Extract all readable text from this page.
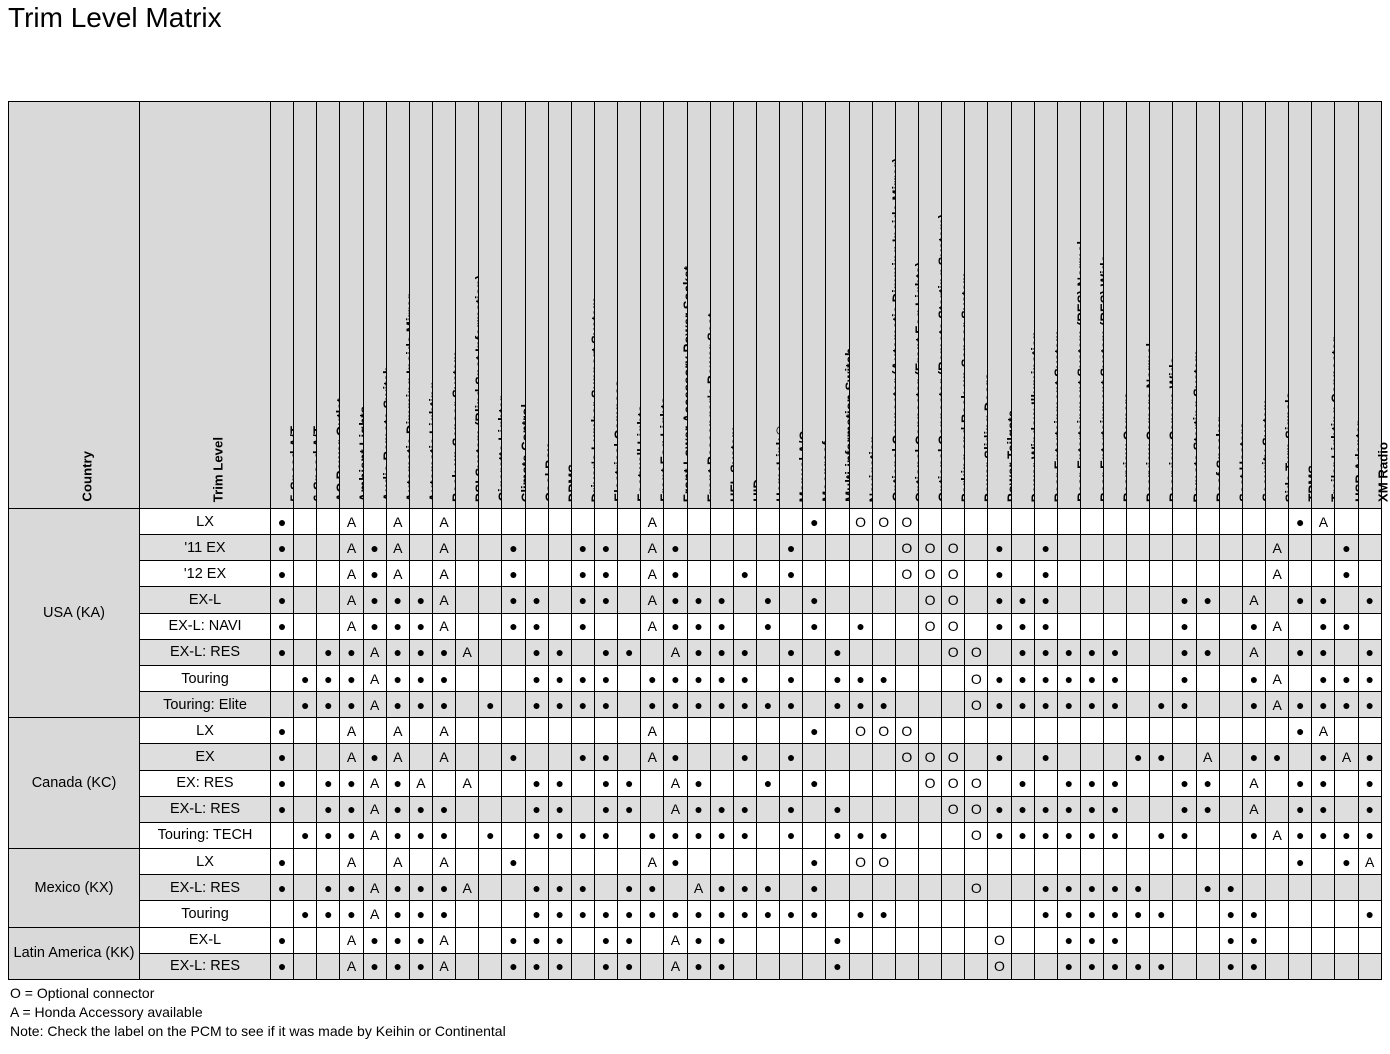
Trim Level Matrix
Country	Trim Level																																																XM Radio

USA (KA)	LX	●			A		A		A									A							●		O	O	O																	●	A		
	'11 EX	●			A	●	A		A			●			●	●		A	●					●					O	O	O		●		●										A			●	
	'12 EX	●			A	●	A		A			●			●	●		A	●			●		●					O	O	O		●		●										A			●	
	EX-L	●			A	●	●	●	A			●	●		●	●		A	●	●	●		●		●					O	O		●	●	●						●	●		A		●	●		●
	EX-L: NAVI	●			A	●	●	●	A			●	●		●			A	●	●	●		●		●		●			O	O		●	●	●						●			●	A		●	●	
	EX-L: RES	●		●	●	A	●	●	●	A			●	●		●	●		A	●	●	●		●		●					O	O		●	●	●	●	●			●	●		A		●	●		●
	Touring		●	●	●	A	●	●	●				●	●	●	●		●	●	●	●	●		●		●	●	●				O	●	●	●	●	●	●			●			●	A		●	●	●
	Touring: Elite		●	●	●	A	●	●	●		●		●	●	●	●		●	●	●	●	●	●	●		●	●	●				O	●	●	●	●	●	●		●	●			●	A	●	●	●	●
Canada (KC)	LX	●			A		A		A									A							●		O	O	O																	●	A		
	EX	●			A	●	A		A			●			●	●		A	●			●		●					O	O	O		●		●				●	●		A		●	●		●	A	●
	EX: RES	●		●	●	A	●	A		A			●	●		●	●		A	●			●		●					O	O	O		●		●	●	●			●	●		A		●	●		●
	EX-L: RES	●		●	●	A	●	●	●				●	●		●	●		A	●	●	●		●		●					O	O	●	●	●	●	●	●			●	●		A		●	●		●
	Touring: TECH		●	●	●	A	●	●	●		●		●	●	●	●		●	●	●	●	●		●		●	●	●				O	●	●	●	●	●	●		●	●			●	A	●	●	●	●
Mexico (KX)	LX	●			A		A		A			●						A	●						●		O	O																		●		●	A
	EX-L: RES	●		●	●	A	●	●	●	A			●	●	●		●	●		A	●	●	●		●							O			●	●	●	●	●			●	●						
	Touring		●	●	●	A	●	●	●				●	●	●	●	●	●	●	●	●	●	●	●	●		●	●							●	●	●	●	●	●			●	●					●
Latin America (KK)	EX-L	●			A	●	●	●	A			●	●	●		●	●		A	●	●					●							O			●	●	●					●	●					
	EX-L: RES	●			A	●	●	●	A			●	●	●		●	●		A	●	●					●							O			●	●	●	●	●			●	●					
O = Optional connector
A = Honda Accessory available
Note: Check the label on the PCM to see if it was made by Keihin or Continental
